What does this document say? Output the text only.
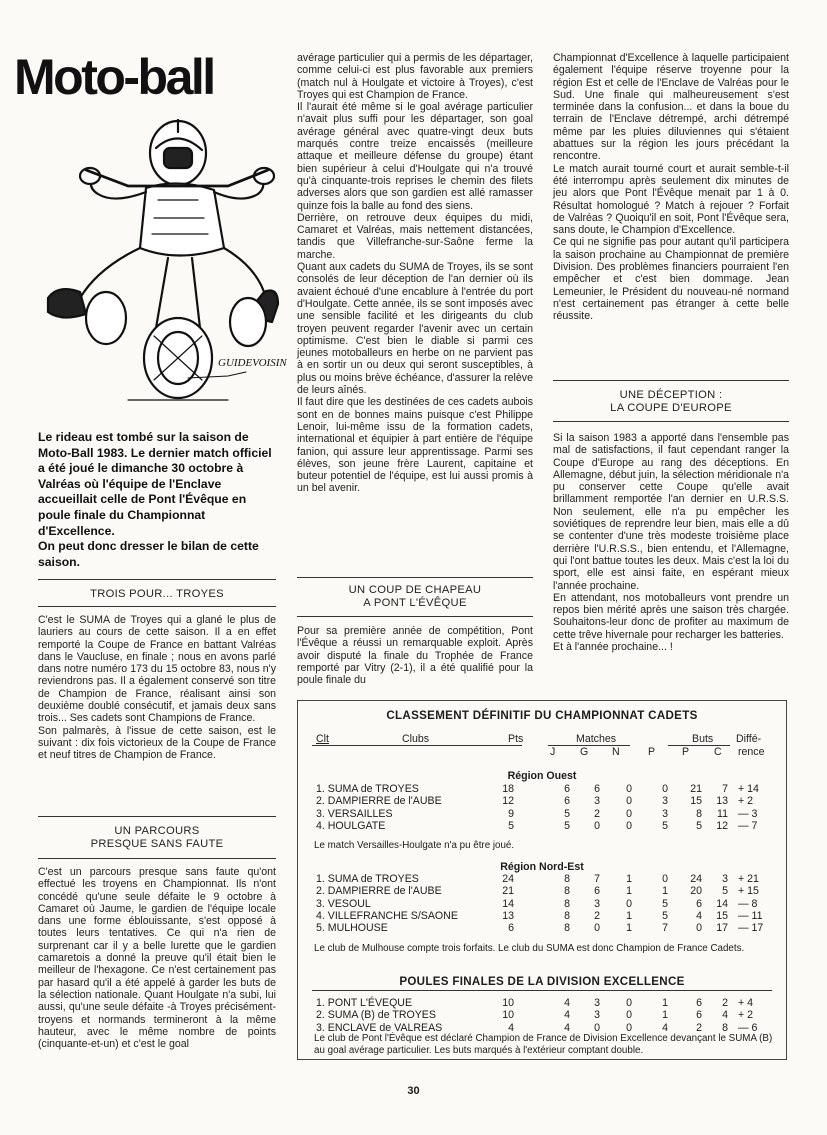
Moto-ball
GUIDEVOISIN

Le rideau est tombé sur la saison de Moto-Ball 1983. Le dernier match officiel a été joué le dimanche 30 octobre à Valréas où l'équipe de l'Enclave accueillait celle de Pont l'Évêque en poule finale du Championnat d'Excellence.

On peut donc dresser le bilan de cette saison.

TROIS POUR... TROYES

C'est le SUMA de Troyes qui a glané le plus de lauriers au cours de cette saison. Il a en effet remporté la Coupe de France en battant Valréas dans le Vaucluse, en finale ; nous en avons parlé dans notre numéro 173 du 15 octobre 83, nous n'y reviendrons pas. Il a également conservé son titre de Champion de France, réalisant ainsi son deuxième doublé consécutif, et jamais deux sans trois... Ses cadets sont Champions de France.

Son palmarès, à l'issue de cette saison, est le suivant : dix fois victorieux de la Coupe de France et neuf titres de Champion de France.

UN PARCOURS
PRESQUE SANS FAUTE

C'est un parcours presque sans faute qu'ont effectué les troyens en Championnat. Ils n'ont concédé qu'une seule défaite le 9 octobre à Camaret où Jaume, le gardien de l'équipe locale dans une forme éblouissante, s'est opposé à toutes leurs tentatives. Ce qui n'a rien de surprenant car il y a belle lurette que le gardien camaretois a donné la preuve qu'il était bien le meilleur de l'hexagone. Ce n'est certainement pas par hasard qu'il a été appelé à garder les buts de la sélection nationale. Quant Houlgate n'a subi, lui aussi, qu'une seule défaite -à Troyes précisément- troyens et normands termineront à la même hauteur, avec le même nombre de points (cinquante-et-un) et c'est le goal

avérage particulier qui a permis de les départager, comme celui-ci est plus favorable aux premiers (match nul à Houlgate et victoire à Troyes), c'est Troyes qui est Champion de France.

Il l'aurait été même si le goal avérage particulier n'avait plus suffi pour les départager, son goal avérage général avec quatre-vingt deux buts marqués contre treize encaissés (meilleure attaque et meilleure défense du groupe) étant bien supérieur à celui d'Houlgate qui n'a trouvé qu'à cinquante-trois reprises le chemin des filets adverses alors que son gardien est allé ramasser quinze fois la balle au fond des siens.

Derrière, on retrouve deux équipes du midi, Camaret et Valréas, mais nettement distancées, tandis que Villefranche-sur-Saône ferme la marche.

Quant aux cadets du SUMA de Troyes, ils se sont consolés de leur déception de l'an dernier où ils avaient échoué d'une encablure à l'entrée du port d'Houlgate. Cette année, ils se sont imposés avec une sensible facilité et les dirigeants du club troyen peuvent regarder l'avenir avec un certain optimisme. C'est bien le diable si parmi ces jeunes motoballeurs en herbe on ne parvient pas à en sortir un ou deux qui seront susceptibles, à plus ou moins brève échéance, d'assurer la relève de leurs aînés.

Il faut dire que les destinées de ces cadets aubois sont en de bonnes mains puisque c'est Philippe Lenoir, lui-même issu de la formation cadets, international et équipier à part entière de l'équipe fanion, qui assure leur apprentissage. Parmi ses élèves, son jeune frère Laurent, capitaine et buteur potentiel de l'équipe, est lui aussi promis à un bel avenir.

UN COUP DE CHAPEAU
A PONT L'ÉVÊQUE

Pour sa première année de compétition, Pont l'Évêque a réussi un remarquable exploit. Après avoir disputé la finale du Trophée de France remporté par Vitry (2-1), il a été qualifié pour la poule finale du

Championnat d'Excellence à laquelle participaient également l'équipe réserve troyenne pour la région Est et celle de l'Enclave de Valréas pour le Sud. Une finale qui malheureusement s'est terminée dans la confusion... et dans la boue du terrain de l'Enclave détrempé, archi détrempé même par les pluies diluviennes qui s'étaient abattues sur la région les jours précédant la rencontre.

Le match aurait tourné court et aurait semble-t-il été interrompu après seulement dix minutes de jeu alors que Pont l'Évêque menait par 1 à 0. Résultat homologué ? Match à rejouer ? Forfait de Valréas ? Quoiqu'il en soit, Pont l'Évêque sera, sans doute, le Champion d'Excellence.

Ce qui ne signifie pas pour autant qu'il participera la saison prochaine au Championnat de première Division. Des problèmes financiers pourraient l'en empêcher et c'est bien dommage. Jean Lemeunier, le Président du nouveau-né normand n'est certainement pas étranger à cette belle réussite.

UNE DÉCEPTION :
LA COUPE D'EUROPE

Si la saison 1983 a apporté dans l'ensemble pas mal de satisfactions, il faut cependant ranger la Coupe d'Europe au rang des déceptions. En Allemagne, début juin, la sélection méridionale n'a pu conserver cette Coupe qu'elle avait brillamment remportée l'an dernier en U.R.S.S. Non seulement, elle n'a pu empêcher les soviétiques de reprendre leur bien, mais elle a dû se contenter d'une très modeste troisième place derrière l'U.R.S.S., bien entendu, et l'Allemagne, qui l'ont battue toutes les deux. Mais c'est la loi du sport, elle est ainsi faite, en espérant mieux l'année prochaine.

En attendant, nos motoballeurs vont prendre un repos bien mérité après une saison très chargée. Souhaitons-leur donc de profiter au maximum de cette trêve hivernale pour recharger les batteries.

Et à l'année prochaine... !

CLASSEMENT DÉFINITIF DU CHAMPIONNAT CADETS
Clt	Clubs	Pts	Matches	Buts Diffé-
J G N	P	P C rence
Région Ouest
1. SUMA de TROYES	18	6	6	0	0	21	7 + 14
2. DAMPIERRE de l'AUBE	12	6	3	0	3	15	13 + 2
3. VERSAILLES	9	5	2	0	3	8	11 — 3
4. HOULGATE	5	5	0	0	5	5	12 — 7
Le match Versailles-Houlgate n'a pu être joué.
Région Nord-Est
1. SUMA de TROYES	24	8	7	1	0	24	3 + 21
2. DAMPIERRE de l'AUBE	21	8	6	1	1	20	5 + 15
3. VESOUL	14	8	3	0	5	6	14 — 8
4. VILLEFRANCHE S/SAONE	13	8	2	1	5	4	15 — 11
5. MULHOUSE	6	8	0	1	7	0	17 — 17
Le club de Mulhouse compte trois forfaits. Le club du SUMA est donc Champion de France Cadets.
POULES FINALES DE LA DIVISION EXCELLENCE
1. PONT L'ÉVEQUE	10	4	3	0	1	6	2 + 4
2. SUMA (B) de TROYES	10	4	3	0	1	6	4 + 2
3. ENCLAVE de VALREAS	4	4	0	0	4	2	8 — 6
Le club de Pont l'Évêque est déclaré Champion de France de Division Excellence devançant le SUMA (B) au goal avérage particulier. Les buts marqués à l'extérieur comptant double.
30
